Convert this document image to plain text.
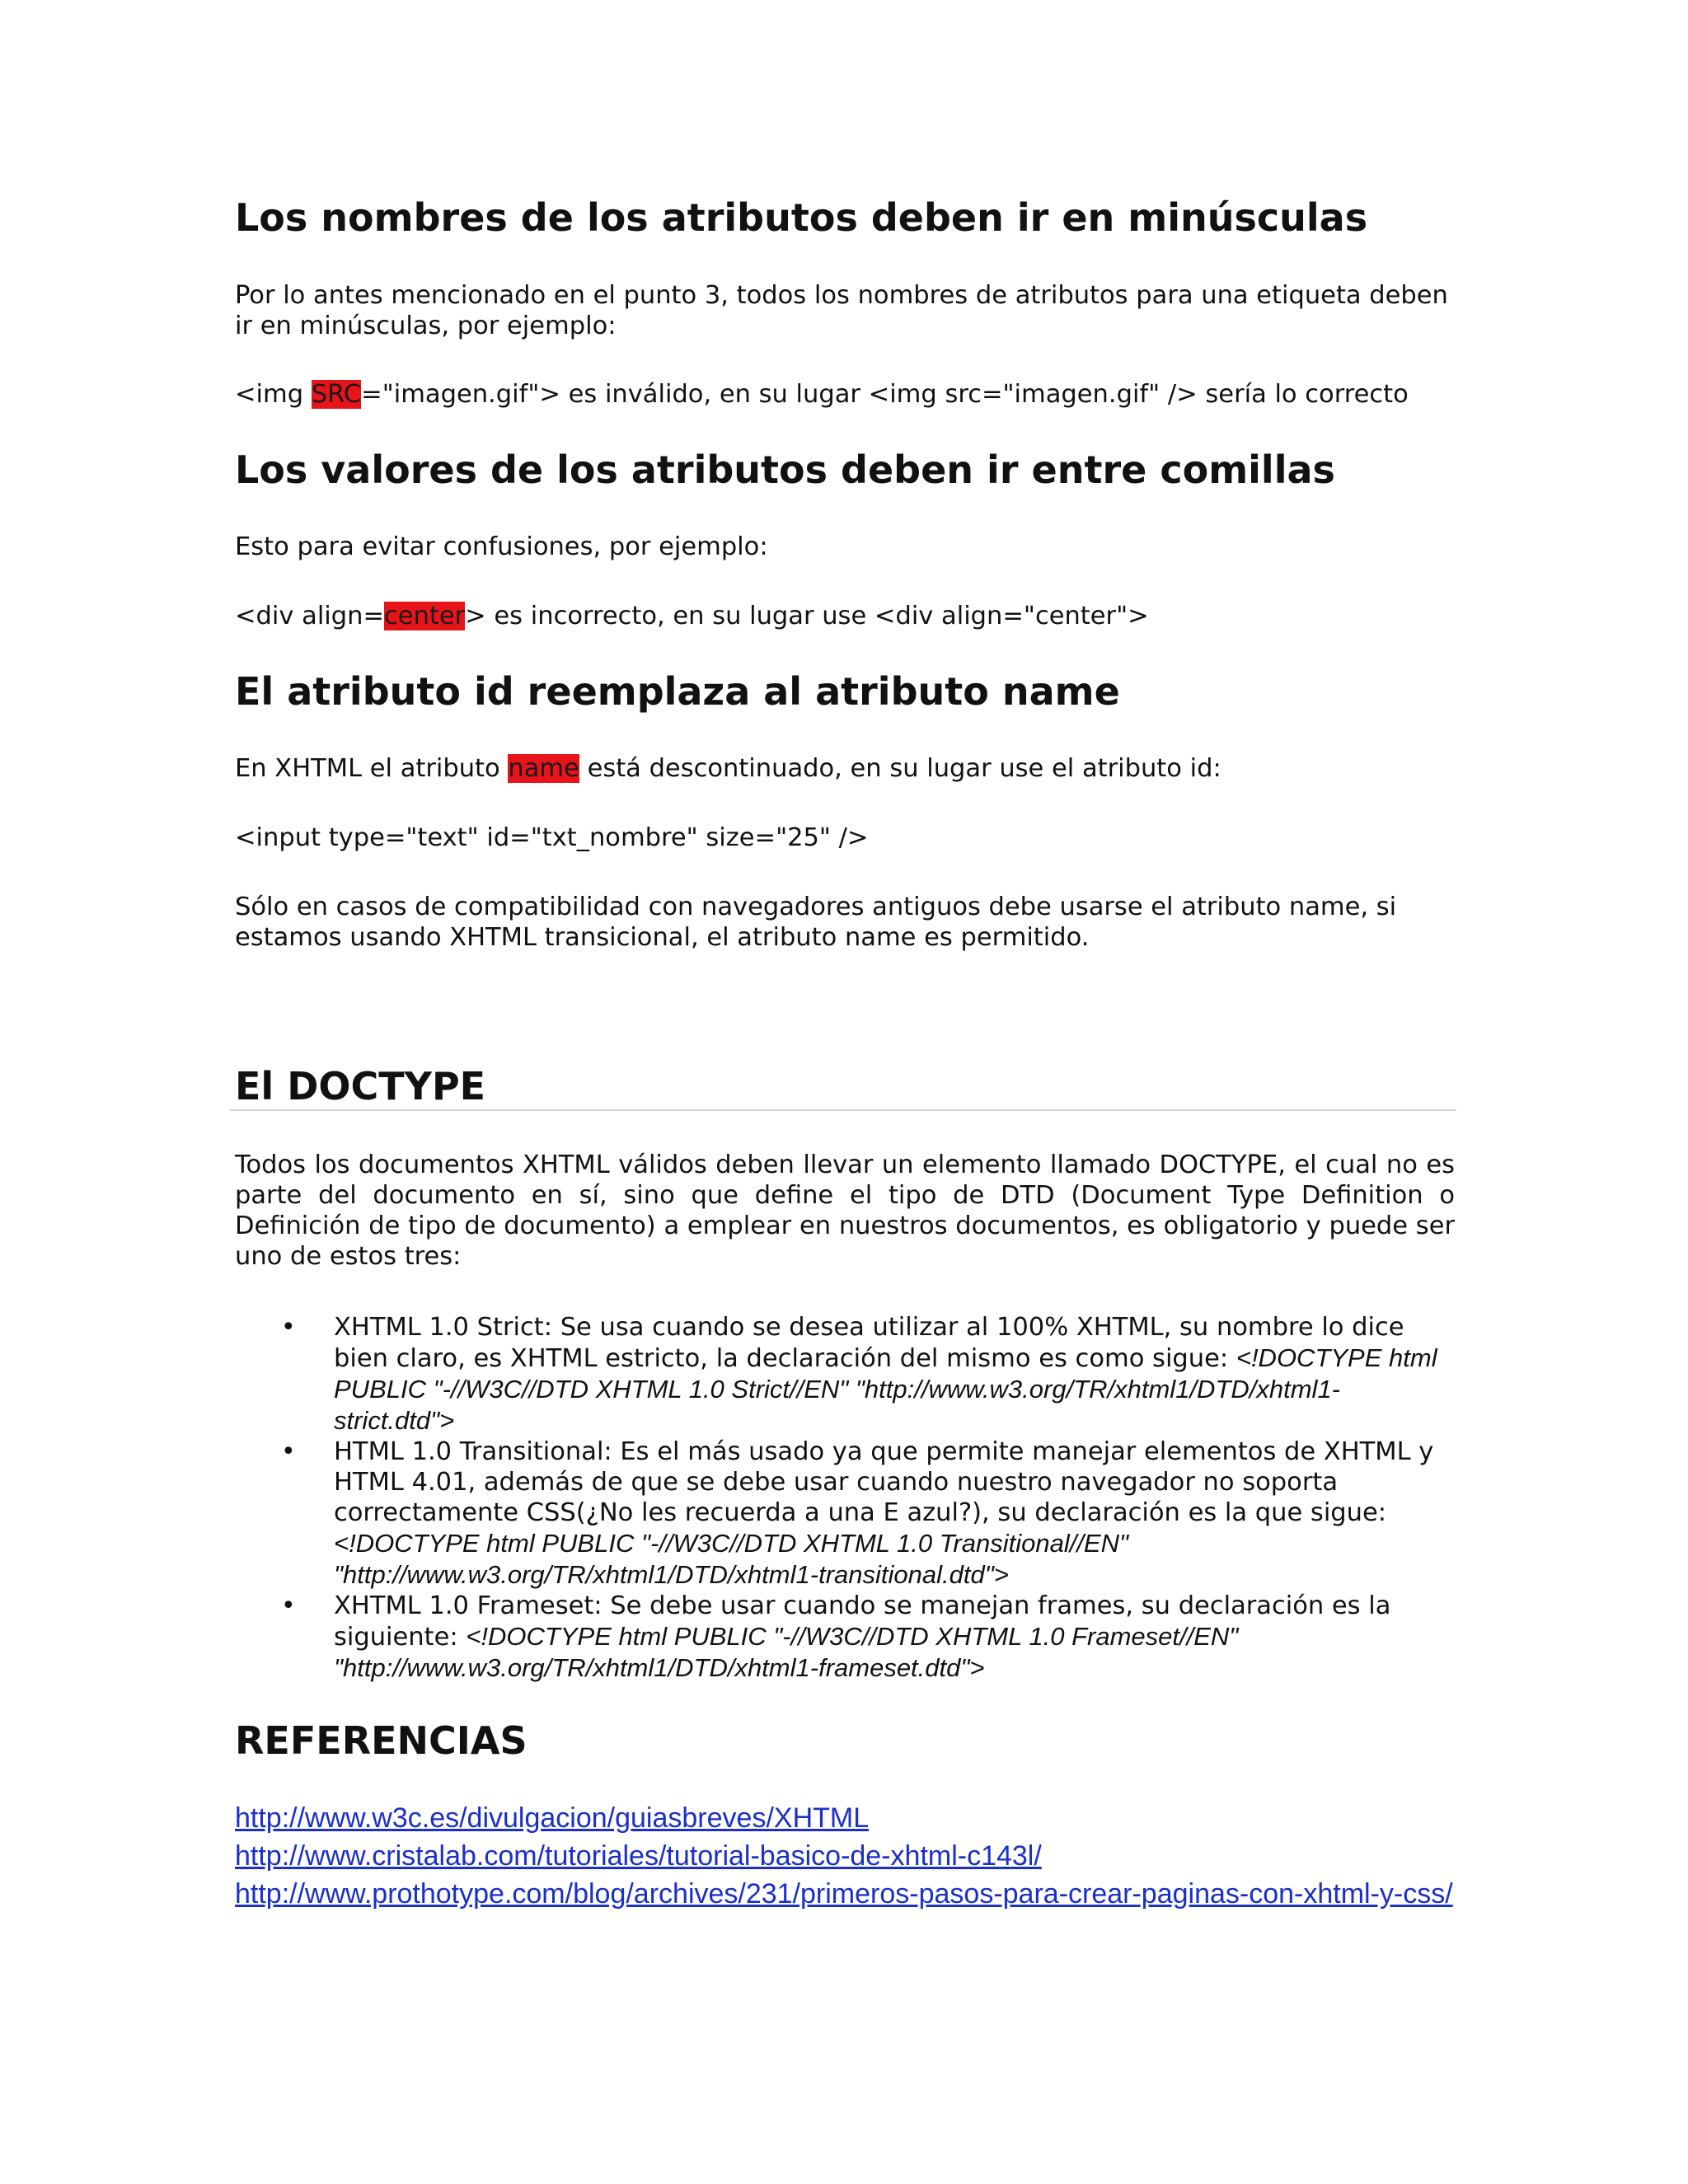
Los nombres de los atributos deben ir en minúsculas
Por lo antes mencionado en el punto 3, todos los nombres de atributos para una etiqueta deben ir en minúsculas, por ejemplo:
<img SRC="imagen.gif"> es inválido, en su lugar <img src="imagen.gif" /> sería lo correcto
Los valores de los atributos deben ir entre comillas
Esto para evitar confusiones, por ejemplo:
<div align=center> es incorrecto, en su lugar use <div align="center">
El atributo id reemplaza al atributo name
En XHTML el atributo name está descontinuado, en su lugar use el atributo id:
<input type="text" id="txt_nombre" size="25" />
Sólo en casos de compatibilidad con navegadores antiguos debe usarse el atributo name, si estamos usando XHTML transicional, el atributo name es permitido.
El DOCTYPE
Todos los documentos XHTML válidos deben llevar un elemento llamado DOCTYPE, el cual no es parte del documento en sí, sino que define el tipo de DTD (Document Type Definition o Definición de tipo de documento) a emplear en nuestros documentos, es obligatorio y puede ser uno de estos tres:
• XHTML 1.0 Strict: Se usa cuando se desea utilizar al 100% XHTML, su nombre lo dice bien claro, es XHTML estricto, la declaración del mismo es como sigue: <!DOCTYPE html PUBLIC "-//W3C//DTD XHTML 1.0 Strict//EN" "http://www.w3.org/TR/xhtml1/DTD/xhtml1-strict.dtd">
• HTML 1.0 Transitional: Es el más usado ya que permite manejar elementos de XHTML y HTML 4.01, además de que se debe usar cuando nuestro navegador no soporta correctamente CSS(¿No les recuerda a una E azul?), su declaración es la que sigue:<!DOCTYPE html PUBLIC "-//W3C//DTD XHTML 1.0 Transitional//EN" "http://www.w3.org/TR/xhtml1/DTD/xhtml1-transitional.dtd">
• XHTML 1.0 Frameset: Se debe usar cuando se manejan frames, su declaración es la siguiente: <!DOCTYPE html PUBLIC "-//W3C//DTD XHTML 1.0 Frameset//EN" "http://www.w3.org/TR/xhtml1/DTD/xhtml1-frameset.dtd">
REFERENCIAS
http://www.w3c.es/divulgacion/guiasbreves/XHTML
http://www.cristalab.com/tutoriales/tutorial-basico-de-xhtml-c143l/
http://www.prothotype.com/blog/archives/231/primeros-pasos-para-crear-paginas-con-xhtml-y-css/
